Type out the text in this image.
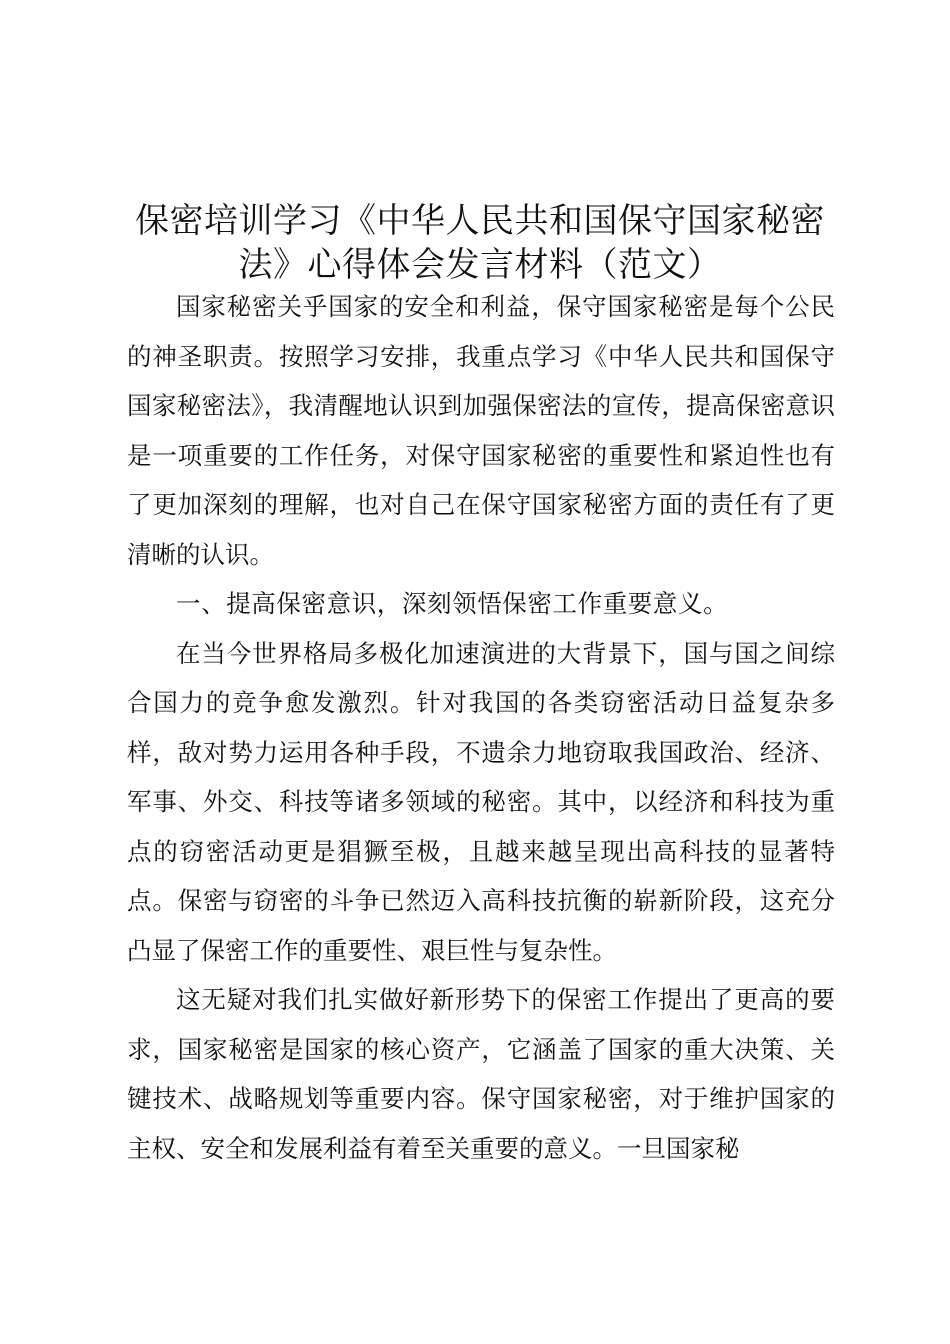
保密培训学习《中华人民共和国保守国家秘密
法》心得体会发言材料（范文）

国家秘密关乎国家的安全和利益，保守国家秘密是每个公民的神圣职责。按照学习安排，我重点学习《中华人民共和国保守国家秘密法》，我清醒地认识到加强保密法的宣传，提高保密意识是一项重要的工作任务，对保守国家秘密的重要性和紧迫性也有了更加深刻的理解，也对自己在保守国家秘密方面的责任有了更清晰的认识。

一、提高保密意识，深刻领悟保密工作重要意义。

在当今世界格局多极化加速演进的大背景下，国与国之间综合国力的竞争愈发激烈。针对我国的各类窃密活动日益复杂多样，敌对势力运用各种手段，不遗余力地窃取我国政治、经济、军事、外交、科技等诸多领域的秘密。其中，以经济和科技为重点的窃密活动更是猖獗至极，且越来越呈现出高科技的显著特点。保密与窃密的斗争已然迈入高科技抗衡的崭新阶段，这充分凸显了保密工作的重要性、艰巨性与复杂性。

这无疑对我们扎实做好新形势下的保密工作提出了更高的要求，国家秘密是国家的核心资产，它涵盖了国家的重大决策、关键技术、战略规划等重要内容。保守国家秘密，对于维护国家的主权、安全和发展利益有着至关重要的意义。一旦国家秘
